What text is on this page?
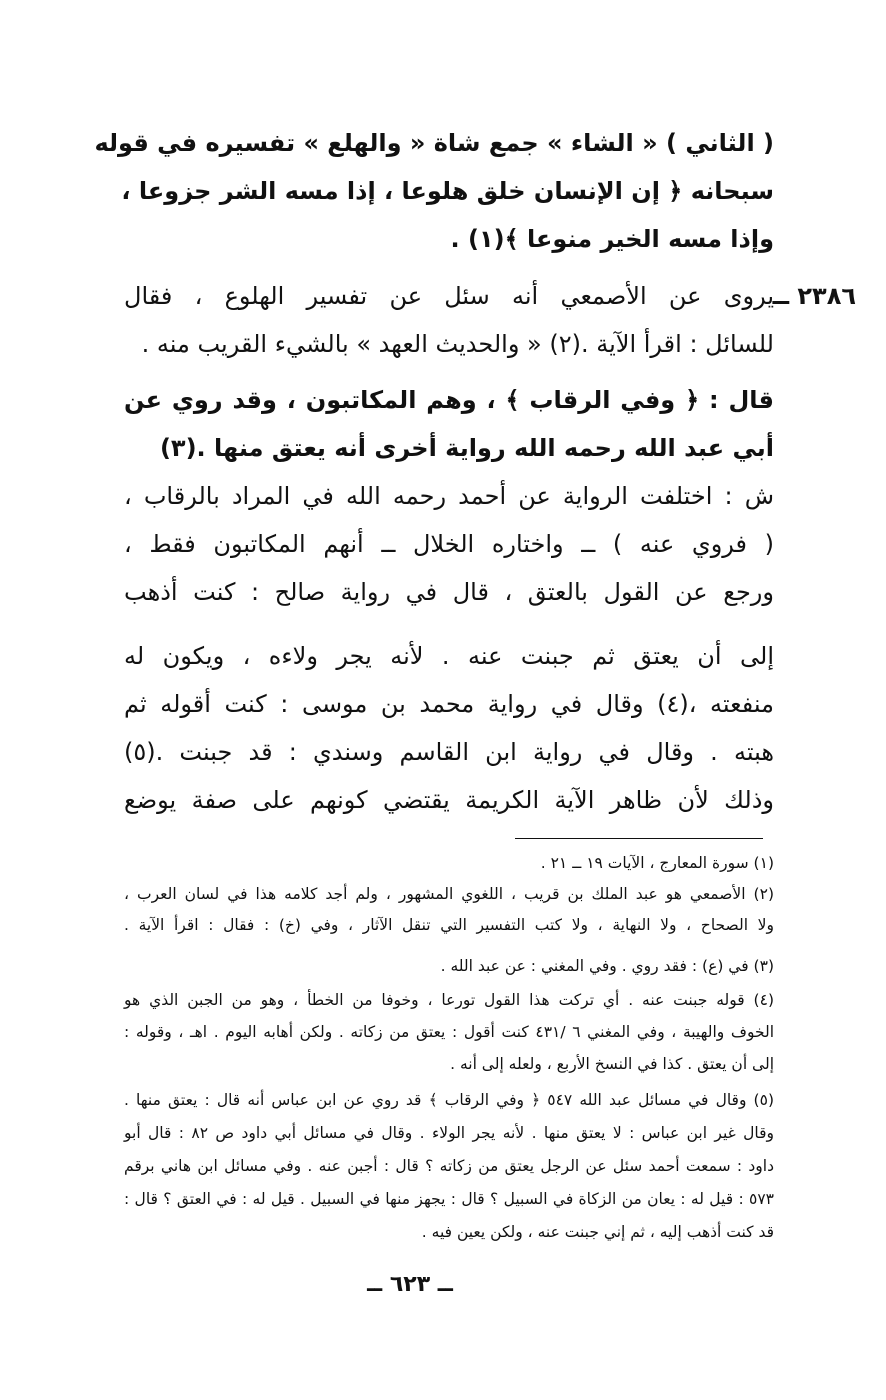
( الثاني ) « الشاء » جمع شاة « والهلع » تفسيره في قوله
سبحانه ﴿ إن الإنسان خلق هلوعا ، إذا مسه الشر جزوعا ،
وإذا مسه الخير منوعا ﴾(١) .
٢٣٨٦ ــ
يروى عن الأصمعي أنه سئل عن تفسير الهلوع ، فقال
للسائل : اقرأ الآية .(٢) « والحديث العهد » بالشيء القريب منه .
قال : ﴿ وفي الرقاب ﴾ ، وهم المكاتبون ، وقد روي عن
أبي عبد الله رحمه الله رواية أخرى أنه يعتق منها .(٣)
ش : اختلفت الرواية عن أحمد رحمه الله في المراد بالرقاب ،
( فروي عنه ) ــ واختاره الخلال ــ أنهم المكاتبون فقط ،
ورجع عن القول بالعتق ، قال في رواية صالح : كنت أذهب
إلى أن يعتق ثم جبنت عنه . لأنه يجر ولاءه ، ويكون له
منفعته ،(٤) وقال في رواية محمد بن موسى : كنت أقوله ثم
هبته . وقال في رواية ابن القاسم وسندي : قد جبنت .(٥)
وذلك لأن ظاهر الآية الكريمة يقتضي كونهم على صفة يوضع
(١) سورة المعارج ، الآيات ١٩ ــ ٢١ .
(٢) الأصمعي هو عبد الملك بن قريب ، اللغوي المشهور ، ولم أجد كلامه هذا في لسان العرب ،
ولا الصحاح ، ولا النهاية ، ولا كتب التفسير التي تنقل الآثار ، وفي (خ) : فقال : اقرأ الآية .
(٣) في (ع) : فقد روي . وفي المغني : عن عبد الله .
(٤) قوله جبنت عنه . أي تركت هذا القول تورعا ، وخوفا من الخطأ ، وهو من الجبن الذي هو
الخوف والهيبة ، وفي المغني ٦ /٤٣١ كنت أقول : يعتق من زكاته . ولكن أهابه اليوم . اهـ ، وقوله :
إلى أن يعتق . كذا في النسخ الأربع ، ولعله إلى أنه .
(٥) وقال في مسائل عبد الله ٥٤٧ ﴿ وفي الرقاب ﴾ قد روي عن ابن عباس أنه قال : يعتق منها .
وقال غير ابن عباس : لا يعتق منها . لأنه يجر الولاء . وقال في مسائل أبي داود ص ٨٢ : قال أبو
داود : سمعت أحمد سئل عن الرجل يعتق من زكاته ؟ قال : أجبن عنه . وفي مسائل ابن هاني برقم
٥٧٣ : قيل له : يعان من الزكاة في السبيل ؟ قال : يجهز منها في السبيل . قيل له : في العتق ؟ قال :
قد كنت أذهب إليه ، ثم إني جبنت عنه ، ولكن يعين فيه .
ــ ٦٢٣ ــ
